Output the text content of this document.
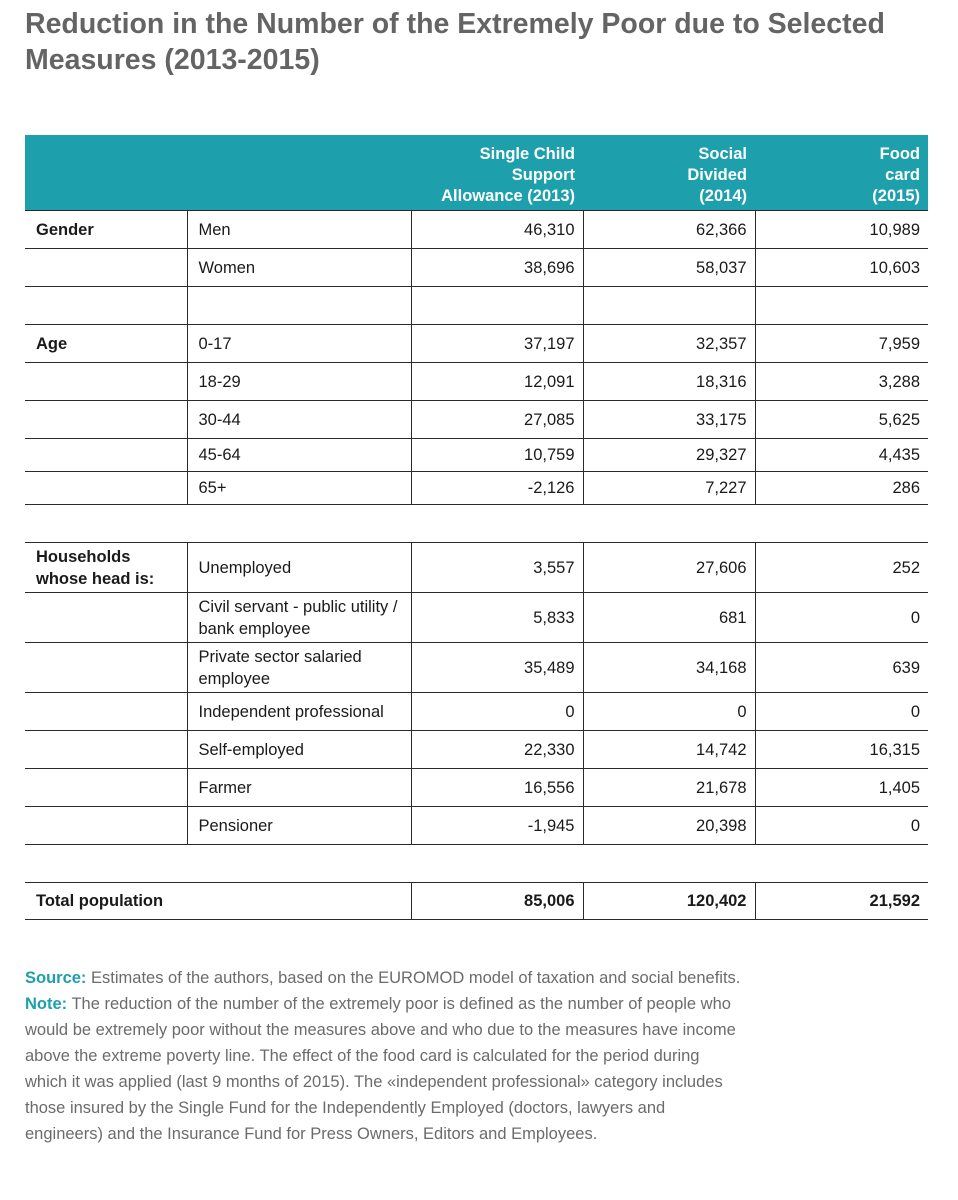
Reduction in the Number of the Extremely Poor due to Selected Measures (2013-2015)
		Single Child Support Allowance (2013)	Social Divided (2014)	Food card (2015)
Gender	Men	46,310	62,366	10,989
	Women	38,696	58,037	10,603

Age	0-17	37,197	32,357	7,959
	18-29	12,091	18,316	3,288
	30-44	27,085	33,175	5,625
	45-64	10,759	29,327	4,435
	65+	-2,126	7,227	286

Households whose head is:	Unemployed	3,557	27,606	252
	Civil servant - public utility / bank employee	5,833	681	0
	Private sector salaried employee	35,489	34,168	639
	Independent professional	0	0	0
	Self-employed	22,330	14,742	16,315
	Farmer	16,556	21,678	1,405
	Pensioner	-1,945	20,398	0

Total population		85,006	120,402	21,592

Source: Estimates of the authors, based on the EUROMOD model of taxation and social benefits.

Note: The reduction of the number of the extremely poor is defined as the number of people who would be extremely poor without the measures above and who due to the measures have income above the extreme poverty line. The effect of the food card is calculated for the period during which it was applied (last 9 months of 2015). The «independent professional» category includes those insured by the Single Fund for the Independently Employed (doctors, lawyers and engineers) and the Insurance Fund for Press Owners, Editors and Employees.
